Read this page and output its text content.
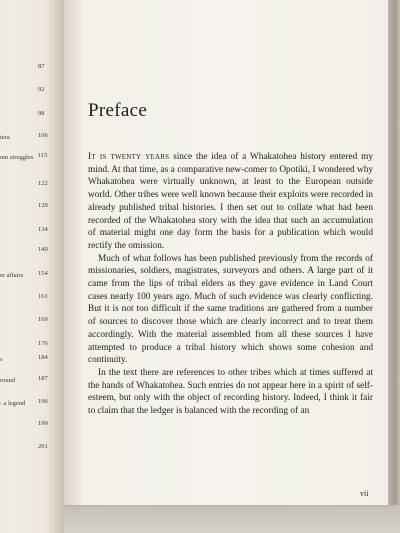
87
92
98
106
tera
115
um struggles
122
129
134
140
154
er affairs
161
169
176
184
s
187
round
196
: a legend
199
201
Preface

It is twenty years since the idea of a Whakatohea history entered my mind. At that time, as a comparative new-comer to Opotiki, I wondered why Whakatohea were virtually unknown, at least to the European outside world. Other tribes were well known because their exploits were recorded in already published tribal histories. I then set out to collate what had been recorded of the Whakatohea story with the idea that such an accumulation of material might one day form the basis for a publication which would rectify the omission.

Much of what follows has been published previously from the records of missionaries, soldiers, magistrates, surveyors and others. A large part of it came from the lips of tribal elders as they gave evidence in Land Court cases nearly 100 years ago. Much of such evidence was clearly conflicting. But it is not too difficult if the same traditions are gathered from a number of sources to discover those which are clearly incorrect and to treat them accordingly. With the material assembled from all these sources I have attempted to produce a tribal history which shows some cohesion and continuity.

In the text there are references to other tribes which at times suffered at the hands of Whakatohea. Such entries do not appear here in a spirit of self-esteem, but only with the object of recording history. Indeed, I think it fair to claim that the ledger is balanced with the recording of an

vii
